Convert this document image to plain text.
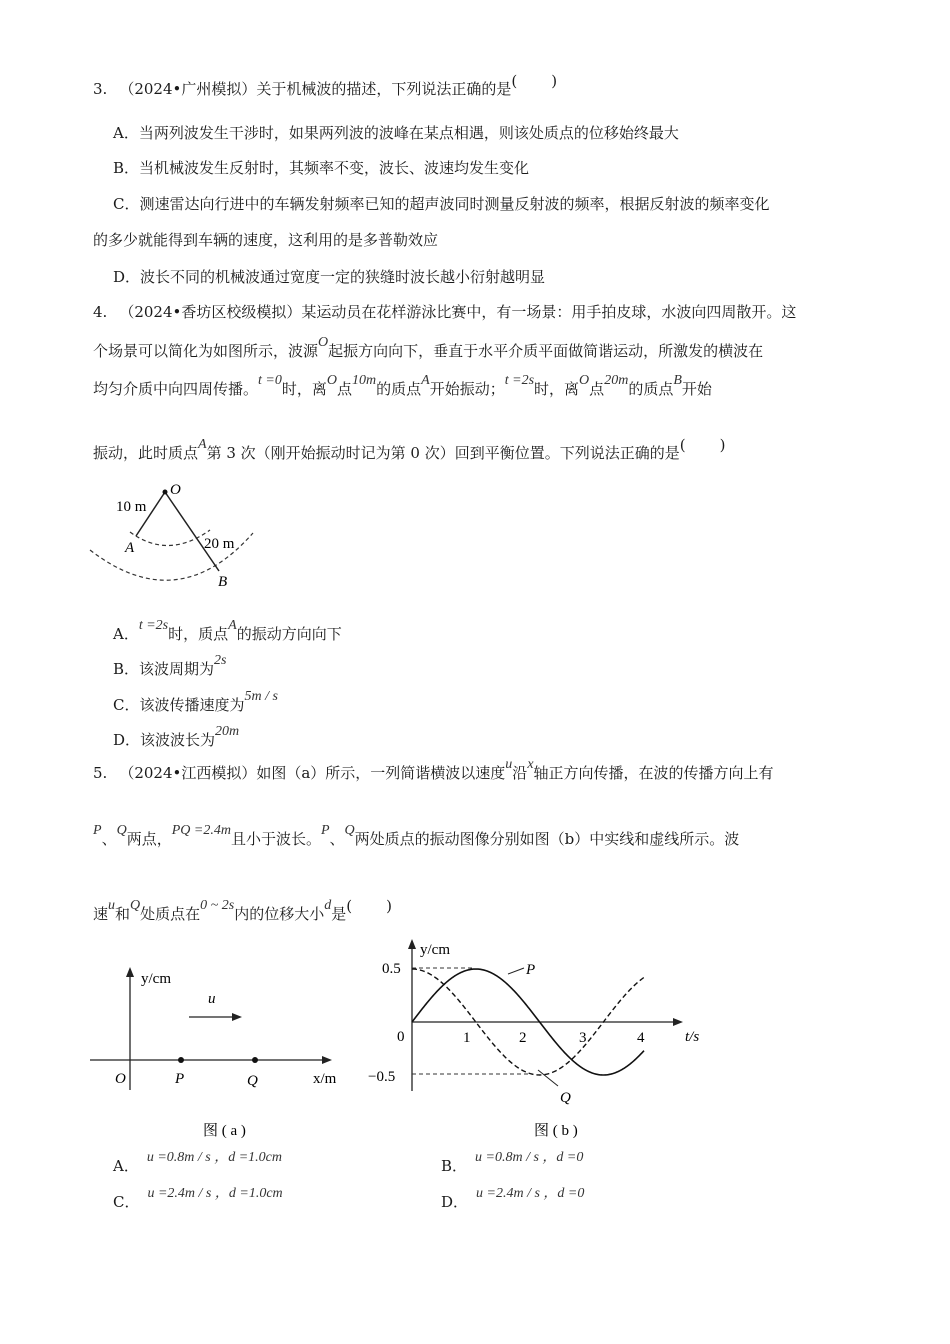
3. （2024•广州模拟）关于机械波的描述，下列说法正确的是( )
A．当两列波发生干涉时，如果两列波的波峰在某点相遇，则该处质点的位移始终最大
B．当机械波发生反射时，其频率不变，波长、波速均发生变化
C．测速雷达向行进中的车辆发射频率已知的超声波同时测量反射波的频率，根据反射波的频率变化
的多少就能得到车辆的速度，这利用的是多普勒效应
D．波长不同的机械波通过宽度一定的狭缝时波长越小衍射越明显
4. （2024•香坊区校级模拟）某运动员在花样游泳比赛中，有一场景：用手拍皮球，水波向四周散开。这
个场景可以简化为如图所示，波源O起振方向向下，垂直于水平介质平面做简谐运动，所激发的横波在
均匀介质中向四周传播。t =0时，离O点10m的质点A开始振动；t =2s时，离O点20m的质点B开始
振动，此时质点A第 3 次（刚开始振动时记为第 0 次）回到平衡位置。下列说法正确的是( )
O
10 m
20 m
A
B
A．t =2s时，质点A的振动方向向下
B．该波周期为2s
C．该波传播速度为5m / s
D．该波波长为20m
5. （2024•江西模拟）如图（a）所示，一列简谐横波以速度u沿x轴正方向传播，在波的传播方向上有
P、Q两点，PQ =2.4m且小于波长。P、Q两处质点的振动图像分别如图（b）中实线和虚线所示。波
速u和Q处质点在0 ~ 2s内的位移大小d是( )
y/cm
u
O	P	Q	x/m
图 ( a )
y/cm
0.5
−0.5
0	1	2	3	4	t/s
P
Q
图 ( b )
A． u =0.8m / s ，d =1.0cm	B． u =0.8m / s ，d =0
C． u =2.4m / s ，d =1.0cm	D． u =2.4m / s ，d =0
